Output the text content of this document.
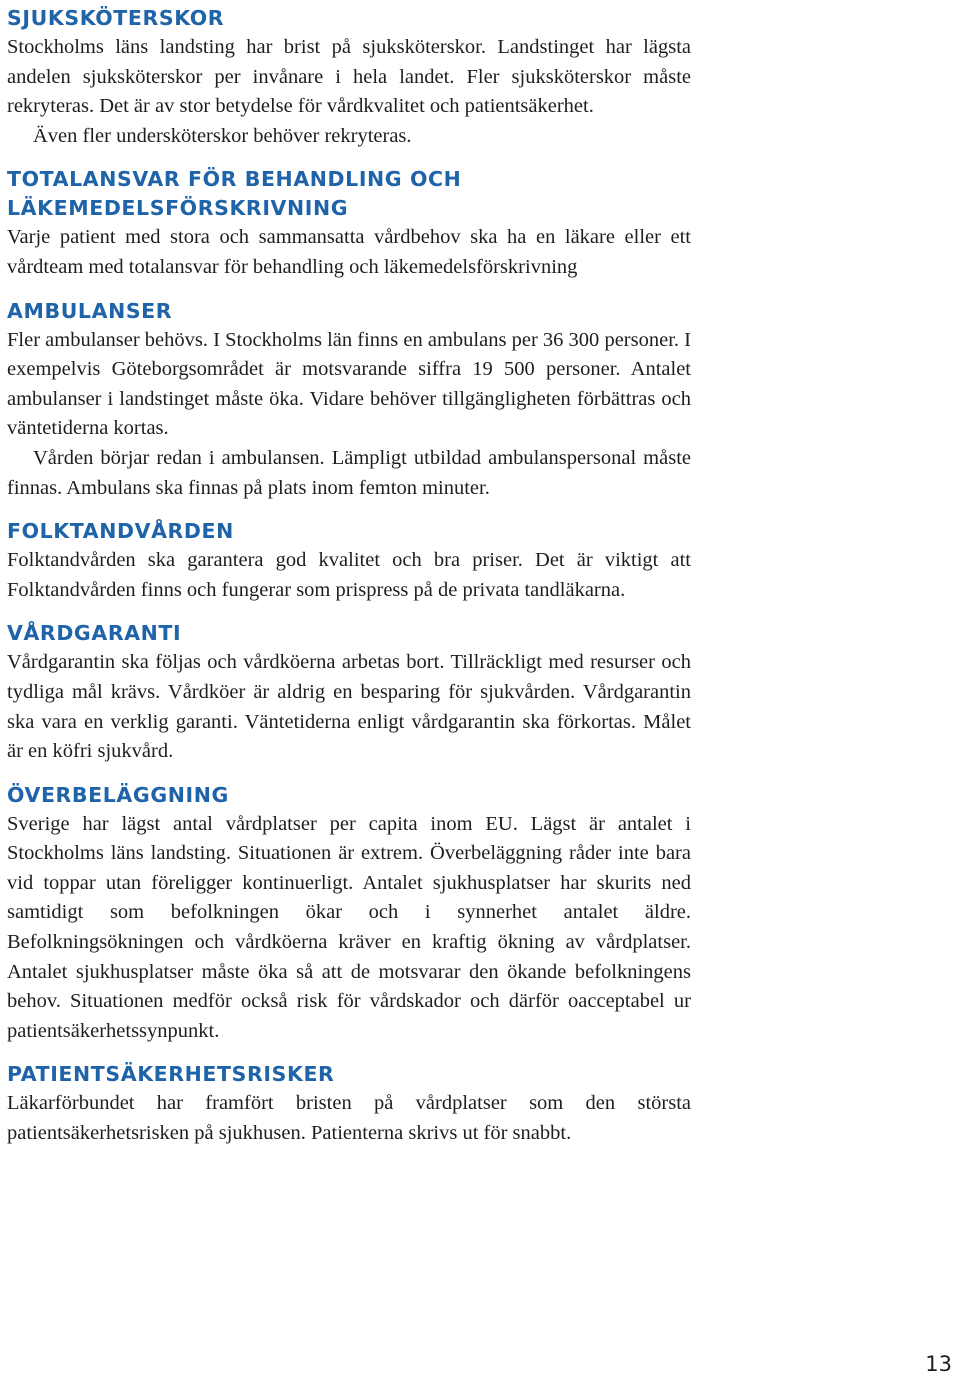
SJUKSKÖTERSKOR

Stockholms läns landsting har brist på sjuksköterskor. Landstinget har lägsta andelen sjuksköterskor per invånare i hela landet. Fler sjuksköterskor måste rekryteras. Det är av stor betydelse för vårdkvalitet och patientsäkerhet.

Även fler undersköterskor behöver rekryteras.

TOTALANSVAR FÖR BEHANDLING OCH LÄKEMEDELSFÖRSKRIVNING

Varje patient med stora och sammansatta vårdbehov ska ha en läkare eller ett vårdteam med totalansvar för behandling och läkemedelsförskrivning

AMBULANSER

Fler ambulanser behövs. I Stockholms län finns en ambulans per 36 300 personer. I exempelvis Göteborgsområdet är motsvarande siffra 19 500 personer. Antalet ambulanser i landstinget måste öka. Vidare behöver tillgängligheten förbättras och väntetiderna kortas.

Vården börjar redan i ambulansen. Lämpligt utbildad ambulanspersonal måste finnas. Ambulans ska finnas på plats inom femton minuter.

FOLKTANDVÅRDEN

Folktandvården ska garantera god kvalitet och bra priser. Det är viktigt att Folktandvården finns och fungerar som prispress på de privata tandläkarna.

VÅRDGARANTI

Vårdgarantin ska följas och vårdköerna arbetas bort. Tillräckligt med resurser och tydliga mål krävs. Vårdköer är aldrig en besparing för sjukvården. Vårdgarantin ska vara en verklig garanti. Väntetiderna enligt vårdgarantin ska förkortas. Målet är en köfri sjukvård.

ÖVERBELÄGGNING

Sverige har lägst antal vårdplatser per capita inom EU. Lägst är antalet i Stockholms läns landsting. Situationen är extrem. Överbeläggning råder inte bara vid toppar utan föreligger kontinuerligt. Antalet sjukhusplatser har skurits ned samtidigt som befolkningen ökar och i synnerhet antalet äldre. Befolkningsökningen och vårdköerna kräver en kraftig ökning av vårdplatser. Antalet sjukhusplatser måste öka så att de motsvarar den ökande befolkningens behov. Situationen medför också risk för vårdskador och därför oacceptabel ur patientsäkerhetssynpunkt.

PATIENTSÄKERHETSRISKER

Läkarförbundet har framfört bristen på vårdplatser som den största patientsäkerhetsrisken på sjukhusen. Patienterna skrivs ut för snabbt.

13
